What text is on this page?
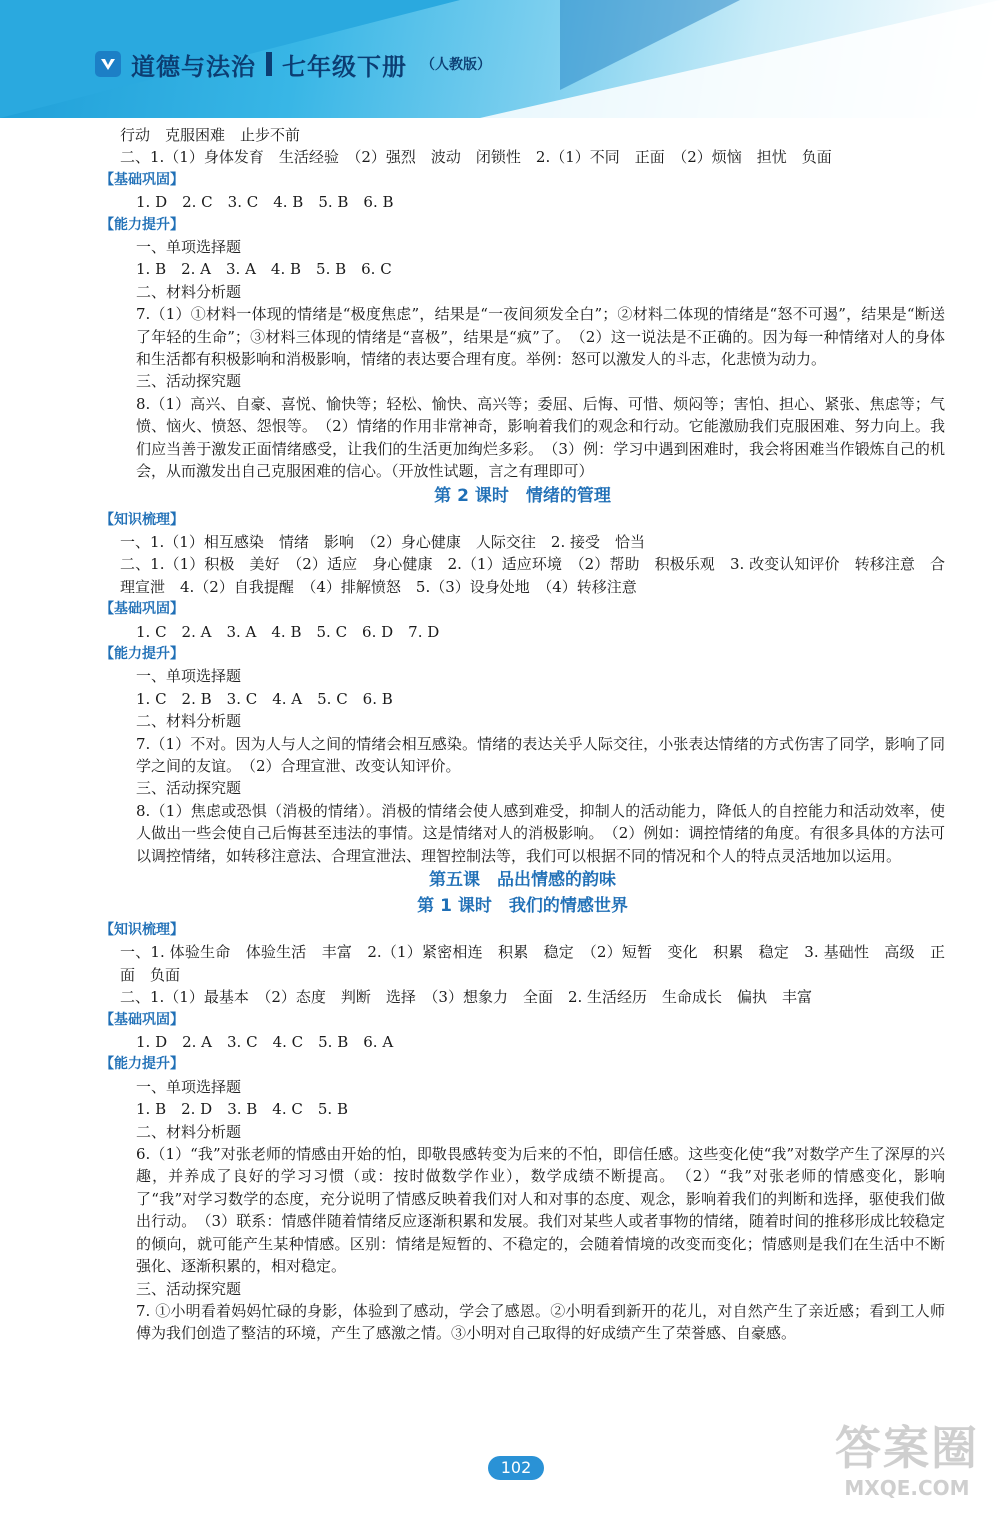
道德与法治 七年级下册 （人教版）
行动　克服困难　止步不前
二、1.（1）身体发育　生活经验　（2）强烈　波动　闭锁性　2.（1）不同　正面　（2）烦恼　担忧　负面
【基础巩固】
1. D　2. C　3. C　4. B　5. B　6. B
【能力提升】
一、单项选择题
1. B　2. A　3. A　4. B　5. B　6. C
二、材料分析题
7.（1）①材料一体现的情绪是“极度焦虑”，结果是“一夜间须发全白”；②材料二体现的情绪是“怒不可遏”，结果是“断送了年轻的生命”；③材料三体现的情绪是“喜极”，结果是“疯”了。　（2）这一说法是不正确的。因为每一种情绪对人的身体和生活都有积极影响和消极影响，情绪的表达要合理有度。举例：怒可以激发人的斗志，化悲愤为动力。
三、活动探究题
8.（1）高兴、自豪、喜悦、愉快等；轻松、愉快、高兴等；委屈、后悔、可惜、烦闷等；害怕、担心、紧张、焦虑等；气愤、恼火、愤怒、怨恨等。　（2）情绪的作用非常神奇，影响着我们的观念和行动。它能激励我们克服困难、努力向上。我们应当善于激发正面情绪感受，让我们的生活更加绚烂多彩。　（3）例：学习中遇到困难时，我会将困难当作锻炼自己的机会，从而激发出自己克服困难的信心。（开放性试题，言之有理即可）
第 2 课时　情绪的管理
【知识梳理】
一、1.（1）相互感染　情绪　影响　（2）身心健康　人际交往　2. 接受　恰当
二、1.（1）积极　美好　（2）适应　身心健康　2.（1）适应环境　（2）帮助　积极乐观　3. 改变认知评价　转移注意　合理宣泄　4.（2）自我提醒　（4）排解愤怒　5.（3）设身处地　（4）转移注意
【基础巩固】
1. C　2. A　3. A　4. B　5. C　6. D　7. D
【能力提升】
一、单项选择题
1. C　2. B　3. C　4. A　5. C　6. B
二、材料分析题
7.（1）不对。因为人与人之间的情绪会相互感染。情绪的表达关乎人际交往，小张表达情绪的方式伤害了同学，影响了同学之间的友谊。　（2）合理宣泄、改变认知评价。
三、活动探究题
8.（1）焦虑或恐惧（消极的情绪）。消极的情绪会使人感到难受，抑制人的活动能力，降低人的自控能力和活动效率，使人做出一些会使自己后悔甚至违法的事情。这是情绪对人的消极影响。　（2）例如：调控情绪的角度。有很多具体的方法可以调控情绪，如转移注意法、合理宣泄法、理智控制法等，我们可以根据不同的情况和个人的特点灵活地加以运用。
第五课　品出情感的韵味
第 1 课时　我们的情感世界
【知识梳理】
一、1. 体验生命　体验生活　丰富　2.（1）紧密相连　积累　稳定　（2）短暂　变化　积累　稳定　3. 基础性　高级　正面　负面
二、1.（1）最基本　（2）态度　判断　选择　（3）想象力　全面　2. 生活经历　生命成长　偏执　丰富
【基础巩固】
1. D　2. A　3. C　4. C　5. B　6. A
【能力提升】
一、单项选择题
1. B　2. D　3. B　4. C　5. B
二、材料分析题
6.（1）“我”对张老师的情感由开始的怕，即敬畏感转变为后来的不怕，即信任感。这些变化使“我”对数学产生了深厚的兴趣，并养成了良好的学习习惯（或：按时做数学作业），数学成绩不断提高。　（2）“我”对张老师的情感变化，影响了“我”对学习数学的态度，充分说明了情感反映着我们对人和对事的态度、观念，影响着我们的判断和选择，驱使我们做出行动。　（3）联系：情感伴随着情绪反应逐渐积累和发展。我们对某些人或者事物的情绪，随着时间的推移形成比较稳定的倾向，就可能产生某种情感。区别：情绪是短暂的、不稳定的，会随着情境的改变而变化；情感则是我们在生活中不断强化、逐渐积累的，相对稳定。
三、活动探究题
7. ①小明看着妈妈忙碌的身影，体验到了感动，学会了感恩。②小明看到新开的花儿，对自然产生了亲近感；看到工人师傅为我们创造了整洁的环境，产生了感激之情。③小明对自己取得的好成绩产生了荣誉感、自豪感。
102	答案圈
MXQE.COM
